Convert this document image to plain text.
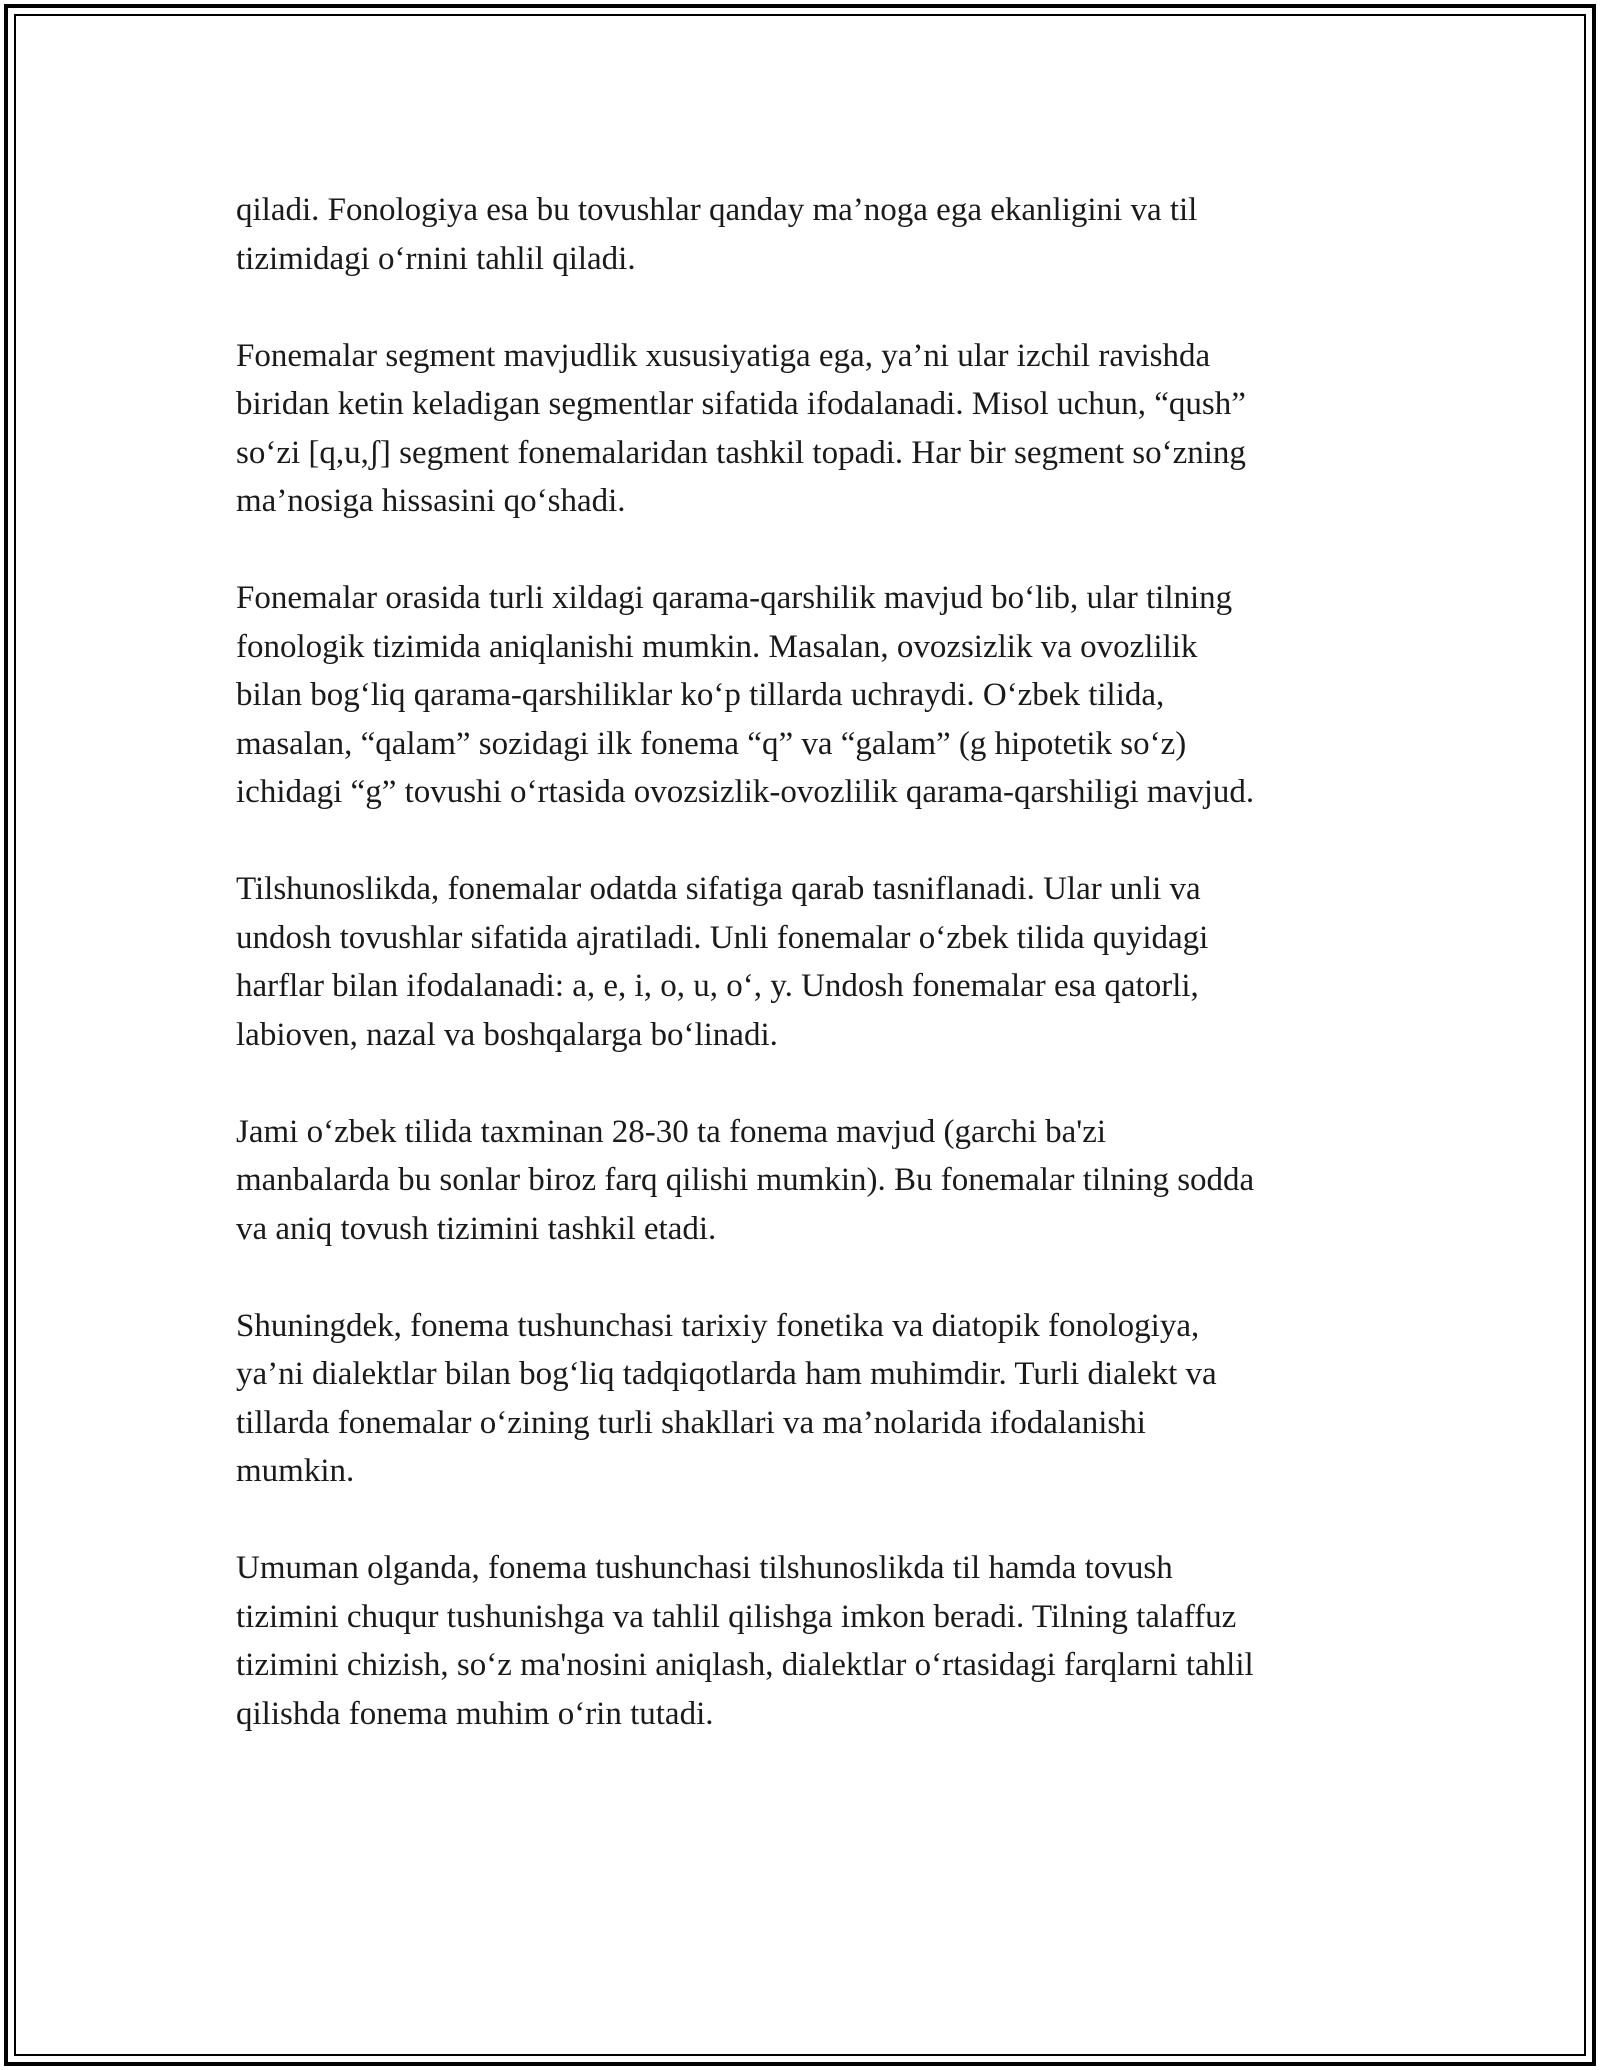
qiladi. Fonologiya esa bu tovushlar qanday ma’noga ega ekanligini va til
tizimidagi o‘rnini tahlil qiladi.

Fonemalar segment mavjudlik xususiyatiga ega, ya’ni ular izchil ravishda
biridan ketin keladigan segmentlar sifatida ifodalanadi. Misol uchun, “qush”
so‘zi [q,u,ʃ] segment fonemalaridan tashkil topadi. Har bir segment so‘zning
ma’nosiga hissasini qo‘shadi.

Fonemalar orasida turli xildagi qarama-qarshilik mavjud bo‘lib, ular tilning
fonologik tizimida aniqlanishi mumkin. Masalan, ovozsizlik va ovozlilik
bilan bog‘liq qarama-qarshiliklar ko‘p tillarda uchraydi. O‘zbek tilida,
masalan, “qalam” sozidagi ilk fonema “q” va “galam” (g hipotetik so‘z)
ichidagi “g” tovushi o‘rtasida ovozsizlik-ovozlilik qarama-qarshiligi mavjud.

Tilshunoslikda, fonemalar odatda sifatiga qarab tasniflanadi. Ular unli va
undosh tovushlar sifatida ajratiladi. Unli fonemalar o‘zbek tilida quyidagi
harflar bilan ifodalanadi: a, e, i, o, u, o‘, y. Undosh fonemalar esa qatorli,
labioven, nazal va boshqalarga bo‘linadi.

Jami o‘zbek tilida taxminan 28-30 ta fonema mavjud (garchi ba'zi
manbalarda bu sonlar biroz farq qilishi mumkin). Bu fonemalar tilning sodda
va aniq tovush tizimini tashkil etadi.

Shuningdek, fonema tushunchasi tarixiy fonetika va diatopik fonologiya,
ya’ni dialektlar bilan bog‘liq tadqiqotlarda ham muhimdir. Turli dialekt va
tillarda fonemalar o‘zining turli shakllari va ma’nolarida ifodalanishi
mumkin.

Umuman olganda, fonema tushunchasi tilshunoslikda til hamda tovush
tizimini chuqur tushunishga va tahlil qilishga imkon beradi. Tilning talaffuz
tizimini chizish, so‘z ma'nosini aniqlash, dialektlar o‘rtasidagi farqlarni tahlil
qilishda fonema muhim o‘rin tutadi.
